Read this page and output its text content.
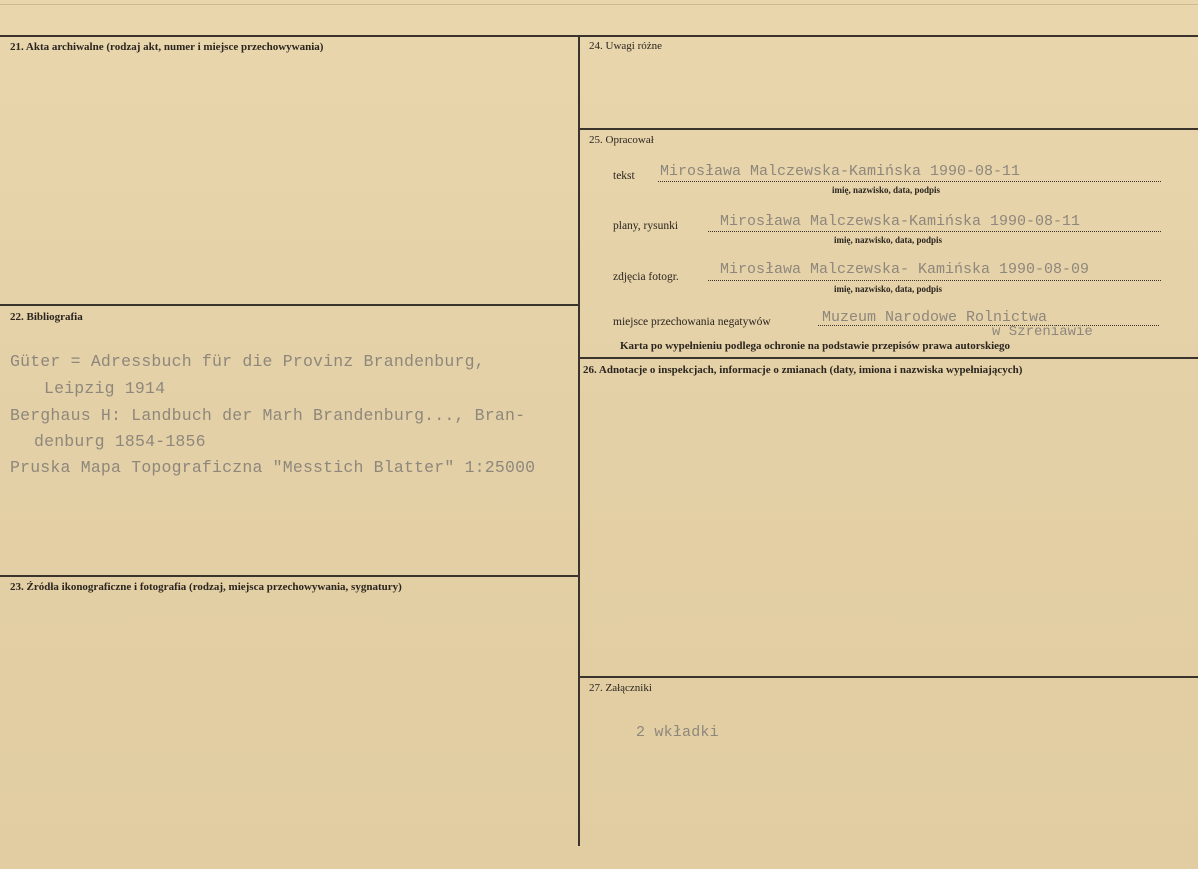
21. Akta archiwalne (rodzaj akt, numer i miejsce przechowywania)
22. Bibliografia
Güter = Adressbuch für die Provinz Brandenburg,
Leipzig 1914
Berghaus H: Landbuch der Marh Brandenburg..., Bran-
denburg 1854-1856
Pruska Mapa Topograficzna "Messtich Blatter" 1:25000
23. Źródła ikonograficzne i fotografia (rodzaj, miejsca przechowywania, sygnatury)
24. Uwagi różne
25. Opracował
tekst Mirosława Malczewska-Kamińska 1990-08-11
imię, nazwisko, data, podpis
plany, rysunki	Mirosława Malczewska-Kamińska 1990-08-11
imię, nazwisko, data, podpis
zdjęcia fotogr.	Mirosława Malczewska- Kamińska 1990-08-09
imię, nazwisko, data, podpis
miejsce przechowania negatywów	Muzeum Narodowe Rolnictwa
w Szreniawie
Karta po wypełnieniu podlega ochronie na podstawie przepisów prawa autorskiego
26. Adnotacje o inspekcjach, informacje o zmianach (daty, imiona i nazwiska wypełniających)
27. Załączniki
2 wkładki
